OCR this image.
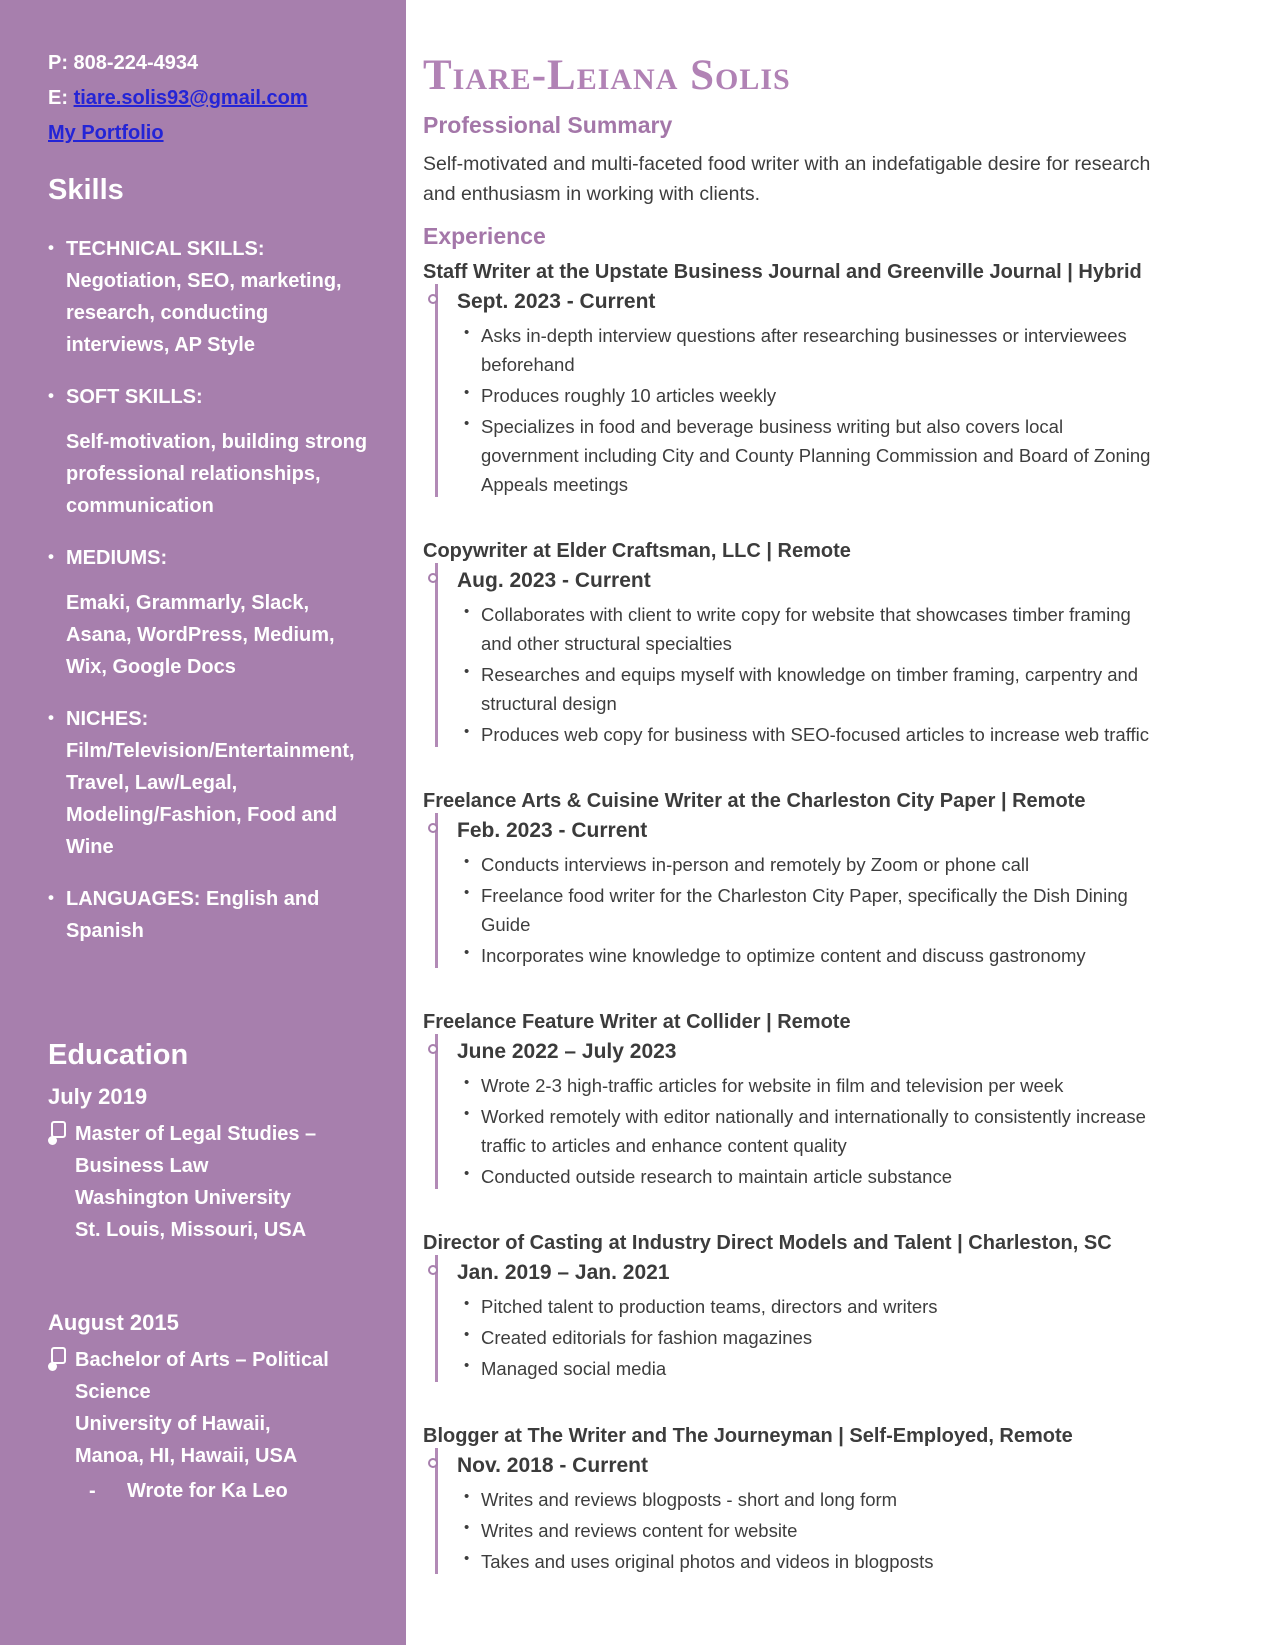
P: 808-224-4934
E: tiare.solis93@gmail.com
My Portfolio
Skills
• TECHNICAL SKILLS: Negotiation, SEO, marketing, research, conducting interviews, AP Style
• SOFT SKILLS:
Self-motivation, building strong professional relationships, communication
• MEDIUMS:
Emaki, Grammarly, Slack, Asana, WordPress, Medium, Wix, Google Docs
• NICHES:
Film/Television/Entertainment, Travel, Law/Legal, Modeling/Fashion, Food and Wine
• LANGUAGES: English and Spanish
Education
July 2019
Master of Legal Studies – Business Law
Washington University
St. Louis, Missouri, USA
August 2015
Bachelor of Arts – Political Science
University of Hawaii,
Manoa, HI, Hawaii, USA
- Wrote for Ka Leo
Tiare-Leiana Solis
Professional Summary

Self-motivated and multi-faceted food writer with an indefatigable desire for research and enthusiasm in working with clients.

Experience
Staff Writer at the Upstate Business Journal and Greenville Journal | Hybrid
Sept. 2023 - Current
• Asks in-depth interview questions after researching businesses or interviewees beforehand
• Produces roughly 10 articles weekly
• Specializes in food and beverage business writing but also covers local government including City and County Planning Commission and Board of Zoning Appeals meetings
Copywriter at Elder Craftsman, LLC | Remote
Aug. 2023 - Current
• Collaborates with client to write copy for website that showcases timber framing and other structural specialties
• Researches and equips myself with knowledge on timber framing, carpentry and structural design
• Produces web copy for business with SEO-focused articles to increase web traffic
Freelance Arts & Cuisine Writer at the Charleston City Paper | Remote
Feb. 2023 - Current
• Conducts interviews in-person and remotely by Zoom or phone call
• Freelance food writer for the Charleston City Paper, specifically the Dish Dining Guide
• Incorporates wine knowledge to optimize content and discuss gastronomy
Freelance Feature Writer at Collider | Remote
June 2022 – July 2023
• Wrote 2-3 high-traffic articles for website in film and television per week
• Worked remotely with editor nationally and internationally to consistently increase traffic to articles and enhance content quality
• Conducted outside research to maintain article substance
Director of Casting at Industry Direct Models and Talent | Charleston, SC
Jan. 2019 – Jan. 2021
• Pitched talent to production teams, directors and writers
• Created editorials for fashion magazines
• Managed social media
Blogger at The Writer and The Journeyman | Self-Employed, Remote
Nov. 2018 - Current
• Writes and reviews blogposts - short and long form
• Writes and reviews content for website
• Takes and uses original photos and videos in blogposts
